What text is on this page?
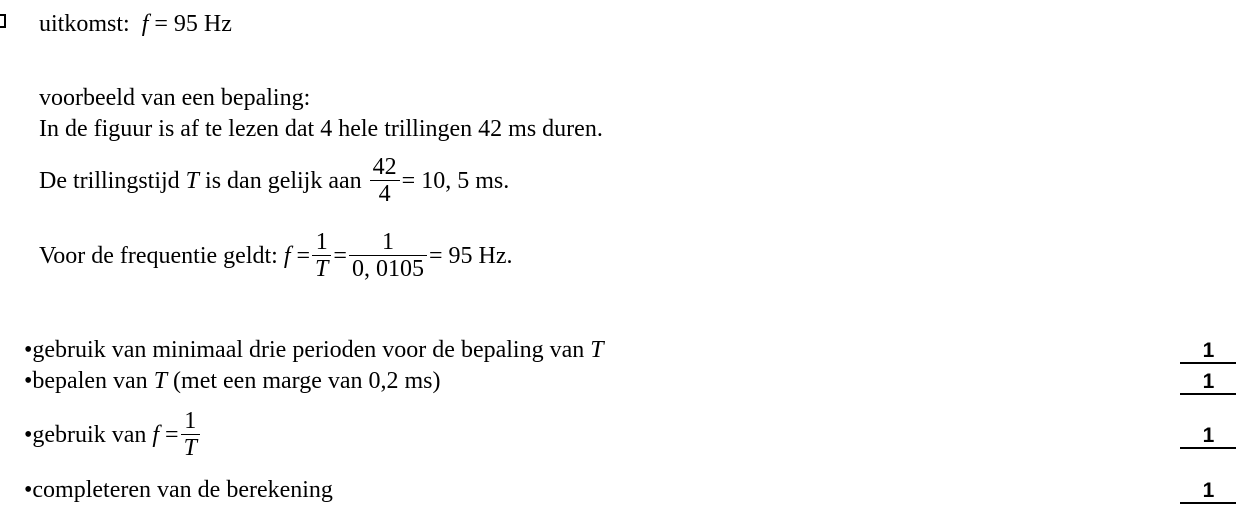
uitkomst: f = 95 Hz
voorbeeld van een bepaling:
In de figuur is af te lezen dat 4 hele trillingen 42 ms duren.
De trillingstijd
T
is dan gelijk aan
$\frac{42}{4} = 10$, 5 ms.
Voor de frequentie geldt:
f
= $\frac{1}{T} = \frac{1}{0, 0105} = 95$ Hz.
•gebruik van minimaal drie perioden voor de bepaling van T	1
•bepalen van T (met een marge van 0,2 ms)	1
• gebruik van
f
= $\frac{1}{T}$	1
•completeren van de berekening	1
